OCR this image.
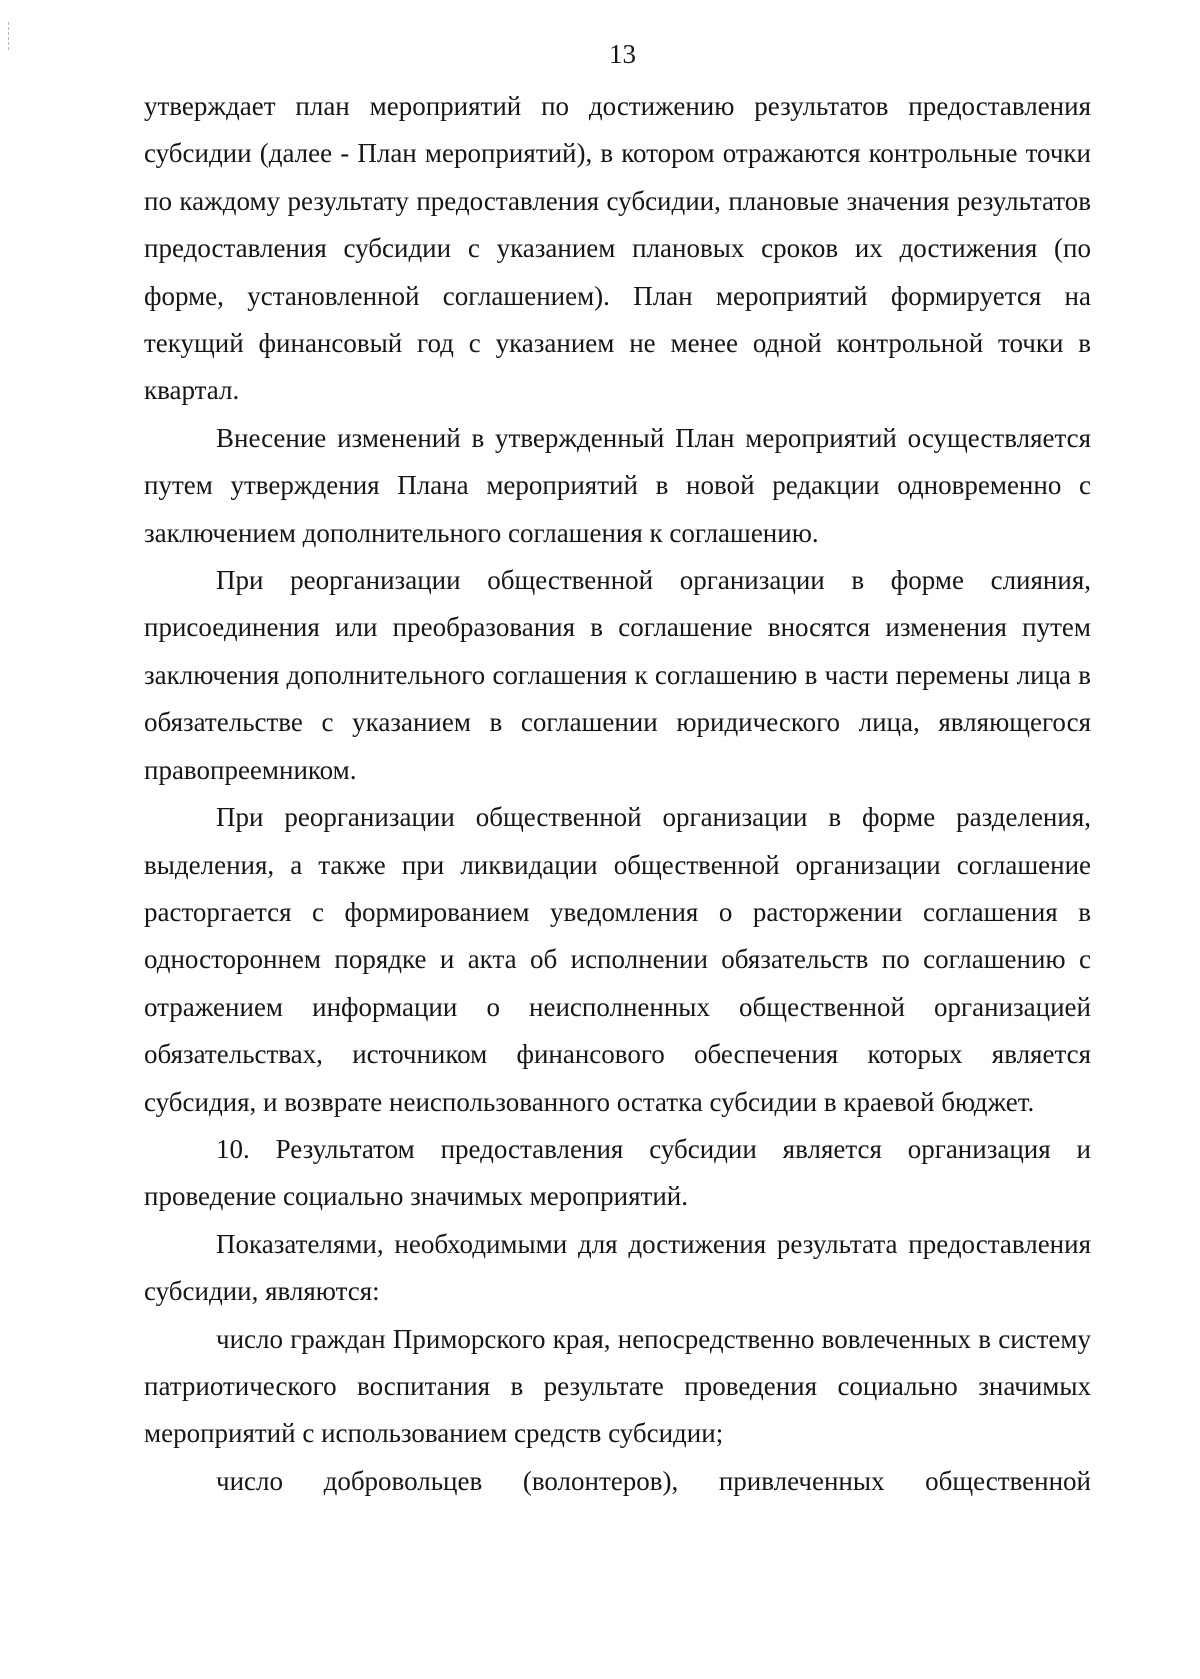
13

утверждает план мероприятий по достижению результатов предоставления субсидии (далее - План мероприятий), в котором отражаются контрольные точки по каждому результату предоставления субсидии, плановые значения результатов предоставления субсидии с указанием плановых сроков их достижения (по форме, установленной соглашением). План мероприятий формируется на текущий финансовый год с указанием не менее одной контрольной точки в квартал.

Внесение изменений в утвержденный План мероприятий осуществляется путем утверждения Плана мероприятий в новой редакции одновременно с заключением дополнительного соглашения к соглашению.

При реорганизации общественной организации в форме слияния, присоединения или преобразования в соглашение вносятся изменения путем заключения дополнительного соглашения к соглашению в части перемены лица в обязательстве с указанием в соглашении юридического лица, являющегося правопреемником.

При реорганизации общественной организации в форме разделения, выделения, а также при ликвидации общественной организации соглашение расторгается с формированием уведомления о расторжении соглашения в одностороннем порядке и акта об исполнении обязательств по соглашению с отражением информации о неисполненных общественной организацией обязательствах, источником финансового обеспечения которых является субсидия, и возврате неиспользованного остатка субсидии в краевой бюджет.

10. Результатом предоставления субсидии является организация и проведение социально значимых мероприятий.

Показателями, необходимыми для достижения результата предоставления субсидии, являются:

число граждан Приморского края, непосредственно вовлеченных в систему патриотического воспитания в результате проведения социально значимых мероприятий с использованием средств субсидии;

число добровольцев (волонтеров), привлеченных общественной
